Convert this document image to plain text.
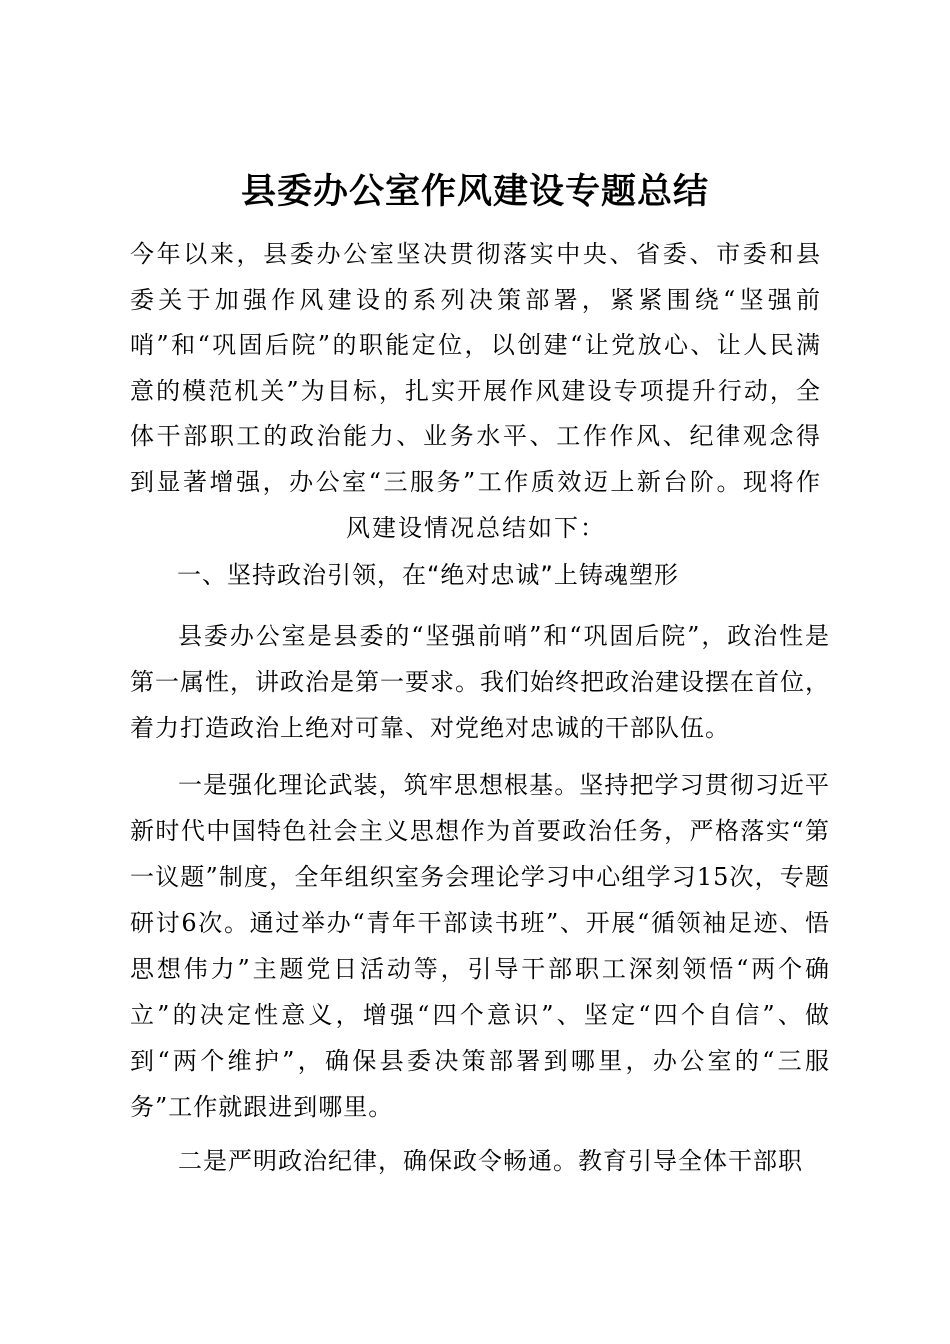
县委办公室作风建设专题总结
今年以来，县委办公室坚决贯彻落实中央、省委、市委和县委关于加强作风建设的系列决策部署，紧紧围绕“坚强前哨”和“巩固后院”的职能定位，以创建“让党放心、让人民满意的模范机关”为目标，扎实开展作风建设专项提升行动，全体干部职工的政治能力、业务水平、工作作风、纪律观念得到显著增强，办公室“三服务”工作质效迈上新台阶。现将作风建设情况总结如下：
一、坚持政治引领，在“绝对忠诚”上铸魂塑形
县委办公室是县委的“坚强前哨”和“巩固后院”，政治性是第一属性，讲政治是第一要求。我们始终把政治建设摆在首位，着力打造政治上绝对可靠、对党绝对忠诚的干部队伍。
一是强化理论武装，筑牢思想根基。坚持把学习贯彻习近平新时代中国特色社会主义思想作为首要政治任务，严格落实“第一议题”制度，全年组织室务会理论学习中心组学习15次，专题研讨6次。通过举办“青年干部读书班”、开展“循领袖足迹、悟思想伟力”主题党日活动等，引导干部职工深刻领悟“两个确立”的决定性意义，增强“四个意识”、坚定“四个自信”、做到“两个维护”，确保县委决策部署到哪里，办公室的“三服务”工作就跟进到哪里。
二是严明政治纪律，确保政令畅通。教育引导全体干部职
